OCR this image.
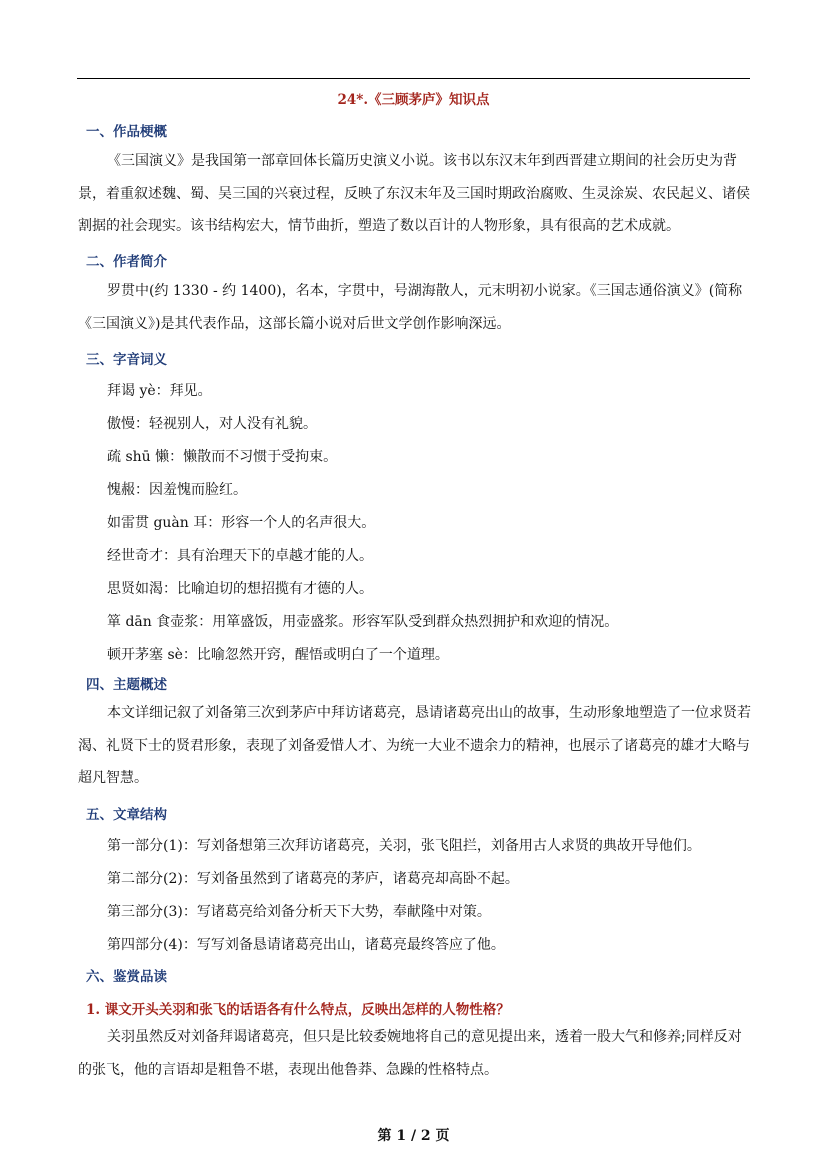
24*.《三顾茅庐》知识点
一、作品梗概
《三国演义》是我国第一部章回体长篇历史演义小说。该书以东汉末年到西晋建立期间的社会历史为背景，着重叙述魏、蜀、吴三国的兴衰过程，反映了东汉末年及三国时期政治腐败、生灵涂炭、农民起义、诸侯割据的社会现实。该书结构宏大，情节曲折，塑造了数以百计的人物形象，具有很高的艺术成就。
二、作者简介
罗贯中(约 1330 - 约 1400)，名本，字贯中，号湖海散人，元末明初小说家。《三国志通俗演义》(简称《三国演义》)是其代表作品，这部长篇小说对后世文学创作影响深远。
三、字音词义
拜谒 yè：拜见。
傲慢：轻视别人，对人没有礼貌。
疏 shū 懒：懒散而不习惯于受拘束。
愧赧：因羞愧而脸红。
如雷贯 guàn 耳：形容一个人的名声很大。
经世奇才：具有治理天下的卓越才能的人。
思贤如渴：比喻迫切的想招揽有才德的人。
箪 dān 食壶浆：用箪盛饭，用壶盛浆。形容军队受到群众热烈拥护和欢迎的情况。
顿开茅塞 sè：比喻忽然开窍，醒悟或明白了一个道理。
四、主题概述
本文详细记叙了刘备第三次到茅庐中拜访诸葛亮，恳请诸葛亮出山的故事，生动形象地塑造了一位求贤若渴、礼贤下士的贤君形象，表现了刘备爱惜人才、为统一大业不遗余力的精神，也展示了诸葛亮的雄才大略与超凡智慧。
五、文章结构
第一部分(1)：写刘备想第三次拜访诸葛亮，关羽，张飞阻拦，刘备用古人求贤的典故开导他们。
第二部分(2)：写刘备虽然到了诸葛亮的茅庐，诸葛亮却高卧不起。
第三部分(3)：写诸葛亮给刘备分析天下大势，奉献隆中对策。
第四部分(4)：写写刘备恳请诸葛亮出山，诸葛亮最终答应了他。
六、鉴赏品读
1. 课文开头关羽和张飞的话语各有什么特点，反映出怎样的人物性格？
关羽虽然反对刘备拜谒诸葛亮，但只是比较委婉地将自己的意见提出来，透着一股大气和修养;同样反对的张飞，他的言语却是粗鲁不堪，表现出他鲁莽、急躁的性格特点。
第 1 / 2 页
